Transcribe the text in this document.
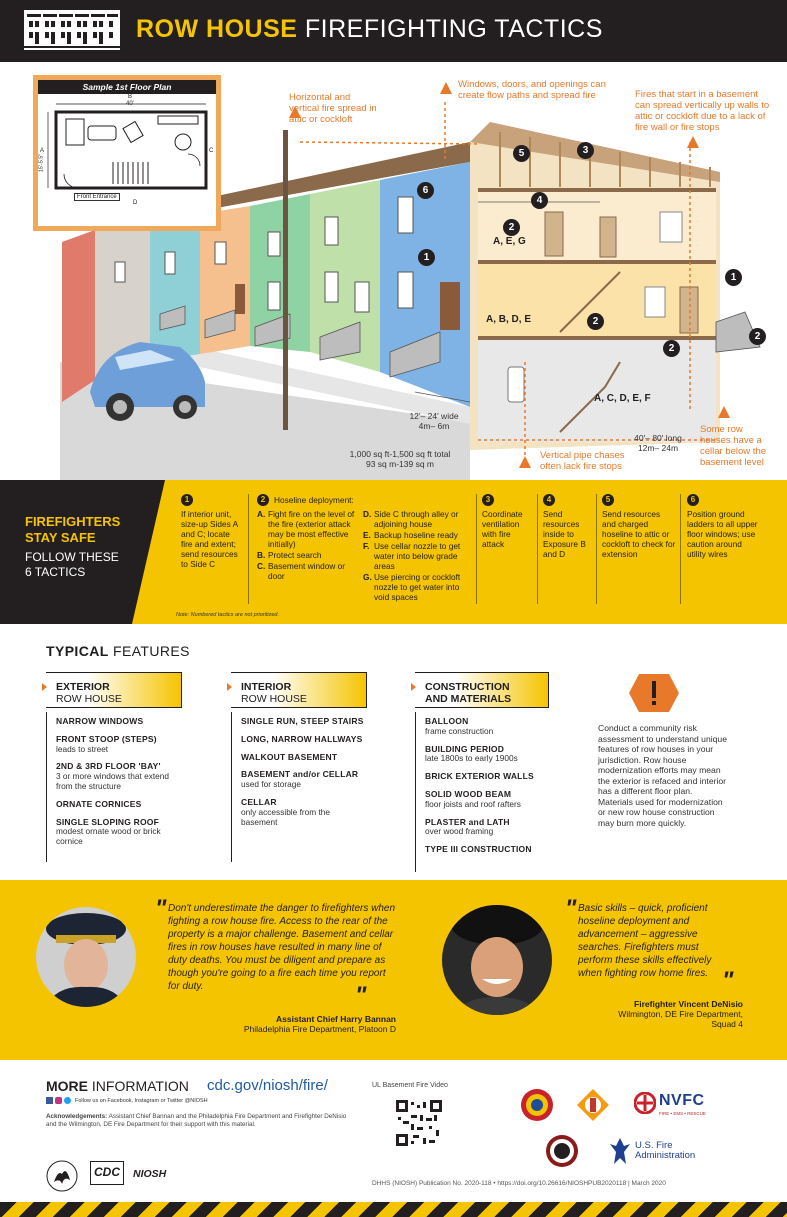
ROW HOUSE FIREFIGHTING TACTICS
Sample 1st Floor Plan
B
40'
A
15'-5.5"
C
Front Entrance
D
Horizontal and vertical fire spread in attic or cockloft
Windows, doors, and openings can create flow paths and spread fire	Fires that start in a basement can spread vertically up walls to attic or cockloft due to a lack of fire wall or fire stops
Some row houses have a cellar below the basement level
Vertical pipe chases often lack fire stops
12'– 24' wide
4m– 6m
1,000 sq ft-1,500 sq ft total
93 sq m-139 sq m
40'– 80' long
12m– 24m
A, E, G
A, B, D, E
A, C, D, E, F
5	3
6
4
2
1
1
2
2
2
FIREFIGHTERS
STAY SAFE
FOLLOW THESE
6 TACTICS
1
If interior unit, size-up Sides A and C; locate fire and extent; send resources to Side C
2	Hoseline deployment:
A. Fight fire on the level of the fire (exterior attack may be most effective initially)
B. Protect search
C. Basement window or door
D. Side C through alley or adjoining house
E. Backup hoseline ready
F. Use cellar nozzle to get water into below grade areas
G. Use piercing or cockloft nozzle to get water into void spaces
3
Coordinate ventilation with fire attack
4
Send resources inside to Exposure B and D
5
Send resources and charged hoseline to attic or cockloft to check for extension
6
Position ground ladders to all upper floor windows; use caution around utility wires
Note: Numbered tactics are not prioritized.
TYPICAL FEATURES
EXTERIOR
ROW HOUSE
NARROW WINDOWS
FRONT STOOP (STEPS)
leads to street
2ND & 3RD FLOOR 'BAY'
3 or more windows that extend from the structure
ORNATE CORNICES
SINGLE SLOPING ROOF
modest ornate wood or brick cornice
INTERIOR
ROW HOUSE
SINGLE RUN, STEEP STAIRS
LONG, NARROW HALLWAYS
WALKOUT BASEMENT
BASEMENT and/or CELLAR
used for storage
CELLAR
only accessible from the basement
CONSTRUCTION
AND MATERIALS
BALLOON
frame construction
BUILDING PERIOD
late 1800s to early 1900s
BRICK EXTERIOR WALLS
SOLID WOOD BEAM
floor joists and roof rafters
PLASTER and LATH
over wood framing
TYPE III CONSTRUCTION
Conduct a community risk assessment to understand unique features of row houses in your jurisdiction. Row house modernization efforts may mean the exterior is refaced and interior has a different floor plan. Materials used for modernization or new row house construction may burn more quickly.
" Don't underestimate the danger to firefighters when fighting a row house fire. Access to the rear of the property is a major challenge. Basement and cellar fires in row houses have resulted in many line of duty deaths. You must be diligent and prepare as though you're going to a fire each time you report for duty.	"
Assistant Chief Harry Bannan
Philadelphia Fire Department, Platoon D
" Basic skills – quick, proficient hoseline deployment and advancement – aggressive searches. Firefighters must perform these skills effectively when fighting row home fires. "
Firefighter Vincent DeNisio
Wilmington, DE Fire Department,
Squad 4
MORE INFORMATION cdc.gov/niosh/fire/
Follow us on Facebook, Instagram or Twitter @NIOSH
Acknowledgements: Assistant Chief Bannan and the Philadelphia Fire Department and Firefighter DeNisio and the Wilmington, DE Fire Department for their support with this material.
UL Basement Fire Video
NVFC
FIRE • EMS • RESCUE
U.S. Fire
Administration
CDC	NIOSH
DHHS (NIOSH) Publication No. 2020-118 • https://doi.org/10.26616/NIOSHPUB2020118 | March 2020
